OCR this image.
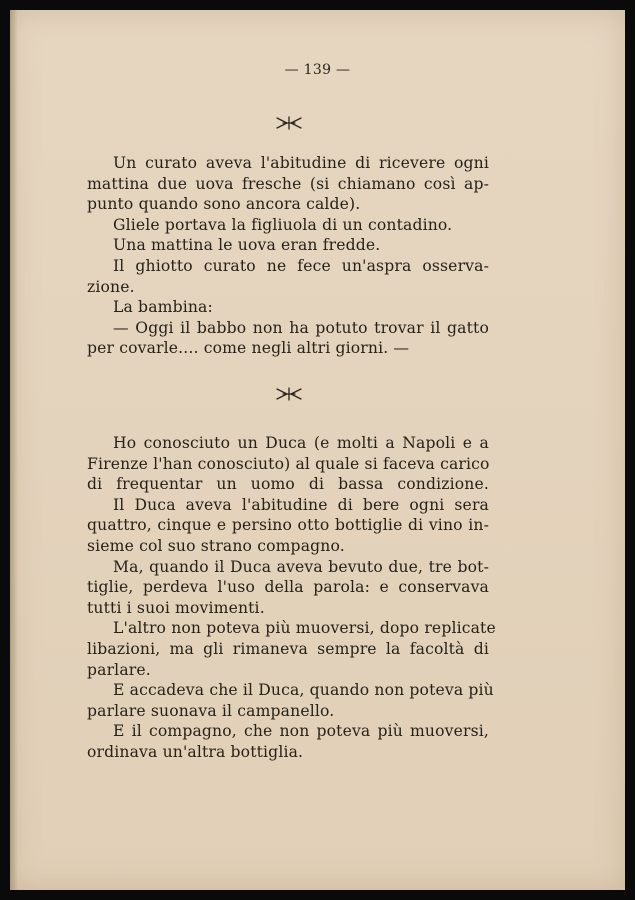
— 139 —
Un curato aveva l'abitudine di ricevere ogni
mattina due uova fresche (si chiamano così ap-
punto quando sono ancora calde).
Gliele portava la figliuola di un contadino.
Una mattina le uova eran fredde.
Il ghiotto curato ne fece un'aspra osserva-
zione.
La bambina:
— Oggi il babbo non ha potuto trovar il gatto
per covarle.... come negli altri giorni. —
Ho conosciuto un Duca (e molti a Napoli e a
Firenze l'han conosciuto) al quale si faceva carico
di frequentar un uomo di bassa condizione.
Il Duca aveva l'abitudine di bere ogni sera
quattro, cinque e persino otto bottiglie di vino in-
sieme col suo strano compagno.
Ma, quando il Duca aveva bevuto due, tre bot-
tiglie, perdeva l'uso della parola: e conservava
tutti i suoi movimenti.
L'altro non poteva più muoversi, dopo replicate
libazioni, ma gli rimaneva sempre la facoltà di
parlare.
E accadeva che il Duca, quando non poteva più
parlare suonava il campanello.
E il compagno, che non poteva più muoversi,
ordinava un'altra bottiglia.
